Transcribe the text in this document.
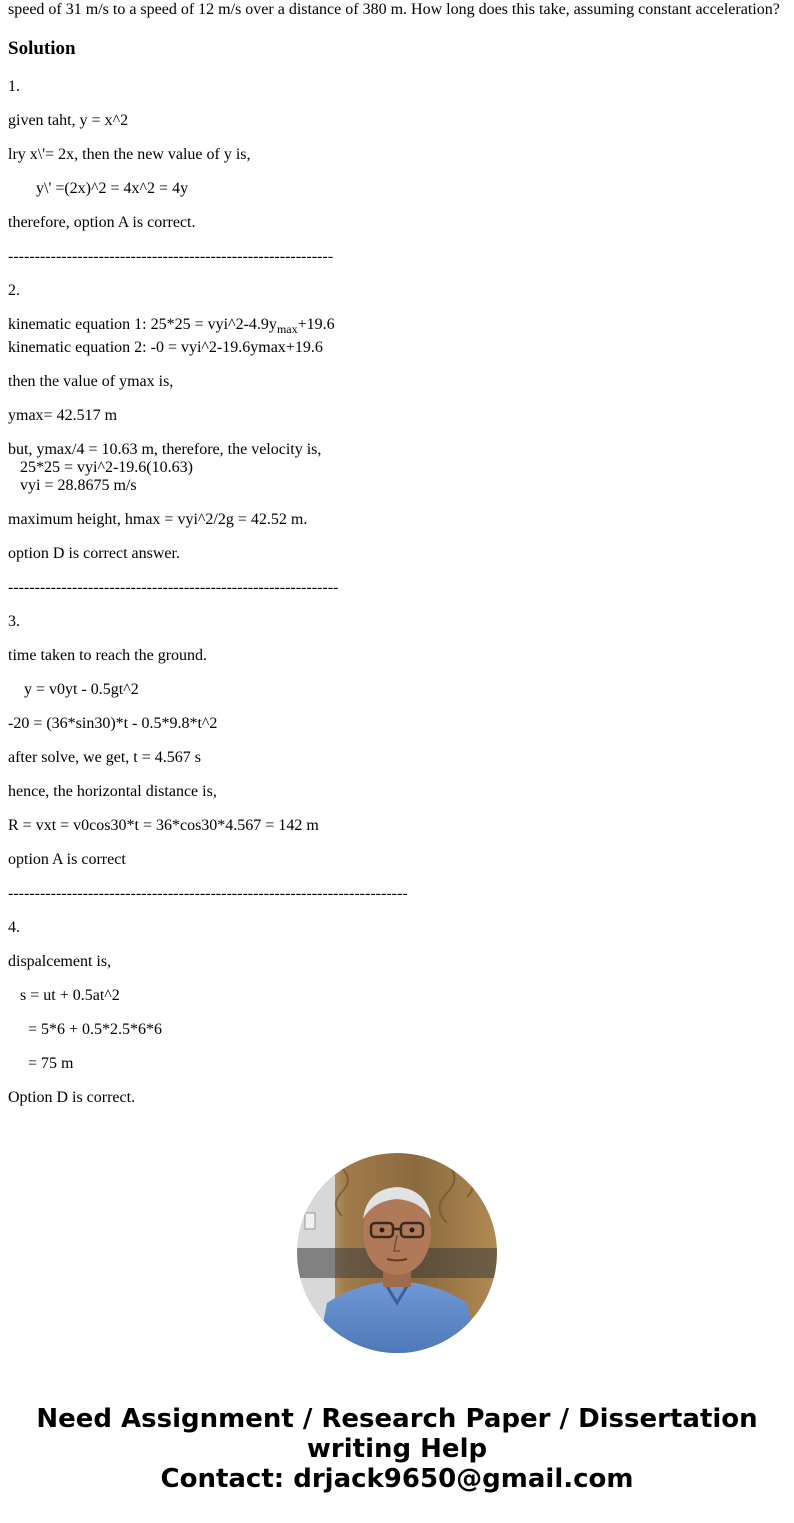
speed of 31 m/s to a speed of 12 m/s over a distance of 380 m. How long does this take, assuming constant acceleration?
Solution
1.
given taht, y = x^2
lry x\'= 2x, then the new value of y is,
y\' =(2x)^2 = 4x^2 = 4y
therefore, option A is correct.
-------------------------------------------------------------
2.
kinematic equation 1: $25*25 = vyi\^{}2-4.9y_{max}+19.6$
kinematic equation 2: -0 = vyi^2-19.6ymax+19.6
then the value of ymax is,
ymax= 42.517 m
but, ymax/4 = 10.63 m, therefore, the velocity is,
25*25 = vyi^2-19.6(10.63)
vyi = 28.8675 m/s
maximum height, hmax = vyi^2/2g = 42.52 m.
option D is correct answer.
--------------------------------------------------------------
3.
time taken to reach the ground.
y = v0yt - 0.5gt^2
-20 = (36*sin30)*t - 0.5*9.8*t^2
after solve, we get, t = 4.567 s
hence, the horizontal distance is,
R = vxt = v0cos30*t = 36*cos30*4.567 = 142 m
option A is correct
---------------------------------------------------------------------------
4.
dispalcement is,
s = ut + 0.5at^2
= 5*6 + 0.5*2.5*6*6
= 75 m
Option D is correct.
Need Assignment / Research Paper / Dissertation
writing Help
Contact: drjack9650@gmail.com
